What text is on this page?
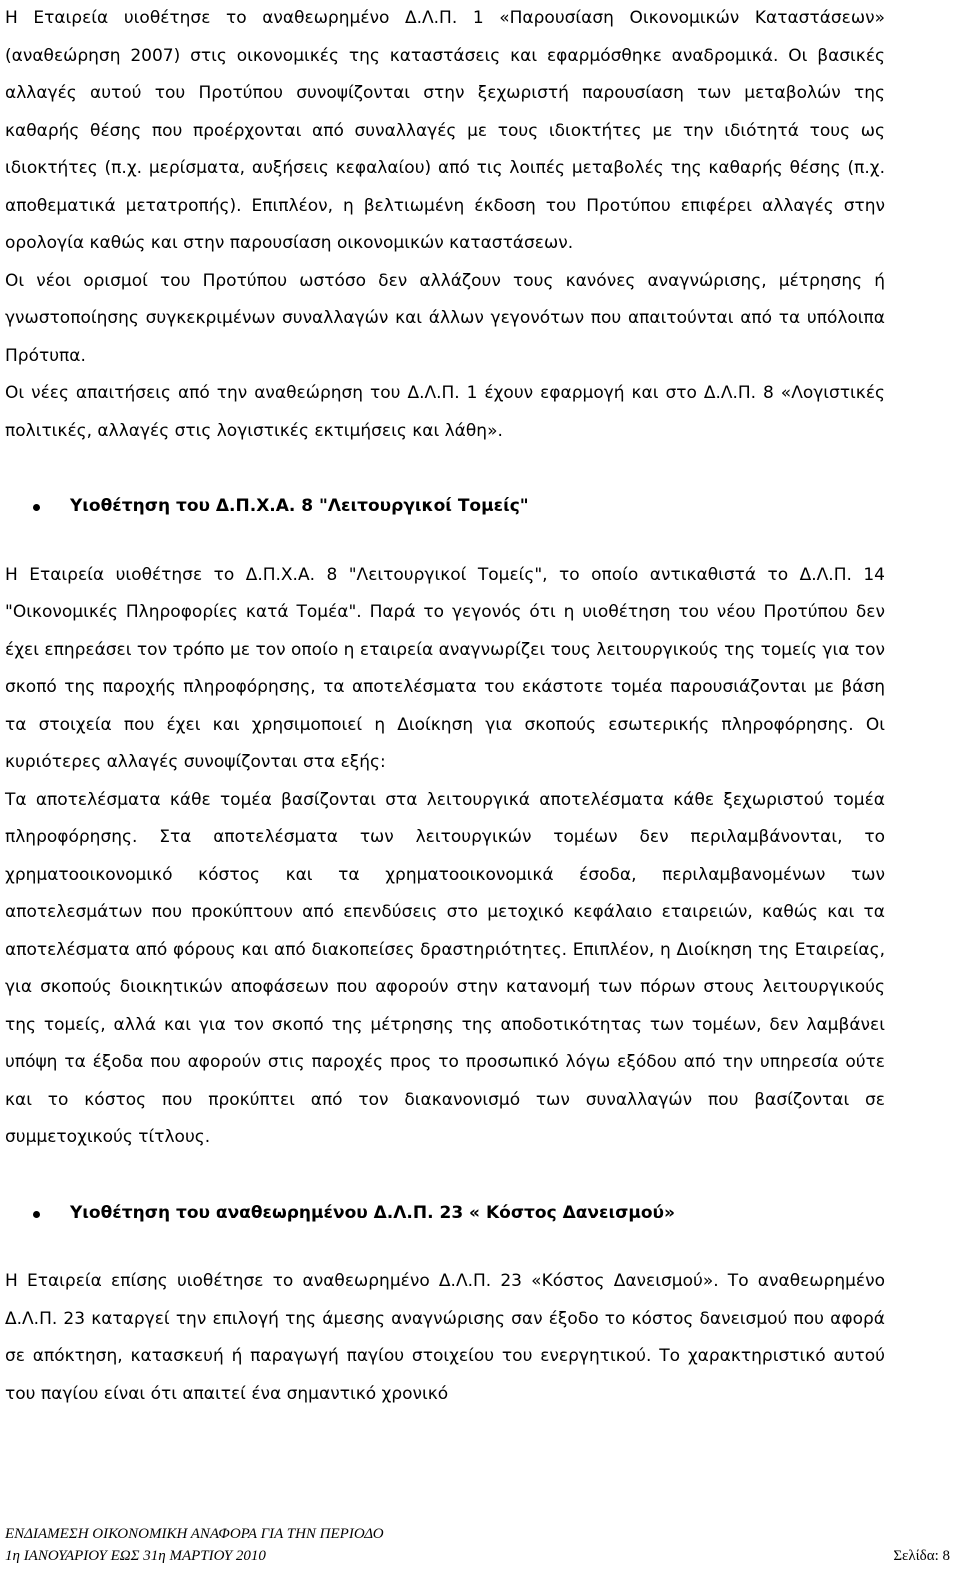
Η Εταιρεία υιοθέτησε το αναθεωρημένο Δ.Λ.Π. 1 «Παρουσίαση Οικονομικών Καταστάσεων» (αναθεώρηση 2007) στις οικονομικές της καταστάσεις και εφαρμόσθηκε αναδρομικά. Οι βασικές αλλαγές αυτού του Προτύπου συνοψίζονται στην ξεχωριστή παρουσίαση των μεταβολών της καθαρής θέσης που προέρχονται από συναλλαγές με τους ιδιοκτήτες με την ιδιότητά τους ως ιδιοκτήτες (π.χ. μερίσματα, αυξήσεις κεφαλαίου) από τις λοιπές μεταβολές της καθαρής θέσης (π.χ. αποθεματικά μετατροπής). Επιπλέον, η βελτιωμένη έκδοση του Προτύπου επιφέρει αλλαγές στην ορολογία καθώς και στην παρουσίαση οικονομικών καταστάσεων.

Οι νέοι ορισμοί του Προτύπου ωστόσο δεν αλλάζουν τους κανόνες αναγνώρισης, μέτρησης ή γνωστοποίησης συγκεκριμένων συναλλαγών και άλλων γεγονότων που απαιτούνται από τα υπόλοιπα Πρότυπα.

Οι νέες απαιτήσεις από την αναθεώρηση του Δ.Λ.Π. 1 έχουν εφαρμογή και στο Δ.Λ.Π. 8 «Λογιστικές πολιτικές, αλλαγές στις λογιστικές εκτιμήσεις και λάθη».

Υιοθέτηση του Δ.Π.Χ.Α. 8 "Λειτουργικοί Τομείς"

Η Εταιρεία υιοθέτησε το Δ.Π.Χ.Α. 8 "Λειτουργικοί Τομείς", το οποίο αντικαθιστά το Δ.Λ.Π. 14 "Οικονομικές Πληροφορίες κατά Τομέα". Παρά το γεγονός ότι η υιοθέτηση του νέου Προτύπου δεν έχει επηρεάσει τον τρόπο με τον οποίο η εταιρεία αναγνωρίζει τους λειτουργικούς της τομείς για τον σκοπό της παροχής πληροφόρησης, τα αποτελέσματα του εκάστοτε τομέα παρουσιάζονται με βάση τα στοιχεία που έχει και χρησιμοποιεί η Διοίκηση για σκοπούς εσωτερικής πληροφόρησης. Οι κυριότερες αλλαγές συνοψίζονται στα εξής:

Τα αποτελέσματα κάθε τομέα βασίζονται στα λειτουργικά αποτελέσματα κάθε ξεχωριστού τομέα πληροφόρησης. Στα αποτελέσματα των λειτουργικών τομέων δεν περιλαμβάνονται, το χρηματοοικονομικό κόστος και τα χρηματοοικονομικά έσοδα, περιλαμβανομένων των αποτελεσμάτων που προκύπτουν από επενδύσεις στο μετοχικό κεφάλαιο εταιρειών, καθώς και τα αποτελέσματα από φόρους και από διακοπείσες δραστηριότητες. Επιπλέον, η Διοίκηση της Εταιρείας, για σκοπούς διοικητικών αποφάσεων που αφορούν στην κατανομή των πόρων στους λειτουργικούς της τομείς, αλλά και για τον σκοπό της μέτρησης της αποδοτικότητας των τομέων, δεν λαμβάνει υπόψη τα έξοδα που αφορούν στις παροχές προς το προσωπικό λόγω εξόδου από την υπηρεσία ούτε και το κόστος που προκύπτει από τον διακανονισμό των συναλλαγών που βασίζονται σε συμμετοχικούς τίτλους.

Υιοθέτηση του αναθεωρημένου Δ.Λ.Π. 23 « Κόστος Δανεισμού»

Η Εταιρεία επίσης υιοθέτησε το αναθεωρημένο Δ.Λ.Π. 23 «Κόστος Δανεισμού». Το αναθεωρημένο Δ.Λ.Π. 23 καταργεί την επιλογή της άμεσης αναγνώρισης σαν έξοδο το κόστος δανεισμού που αφορά σε απόκτηση, κατασκευή ή παραγωγή παγίου στοιχείου του ενεργητικού. Το χαρακτηριστικό αυτού του παγίου είναι ότι απαιτεί ένα σημαντικό χρονικό

ΕΝΔΙΑΜΕΣΗ ΟΙΚΟΝΟΜΙΚΗ ΑΝΑΦΟΡΑ ΓΙΑ ΤΗΝ ΠΕΡΙΟΔΟ
1η ΙΑΝΟΥΑΡΙΟΥ ΕΩΣ 31η ΜΑΡΤΙΟΥ 2010	Σελίδα: 8
